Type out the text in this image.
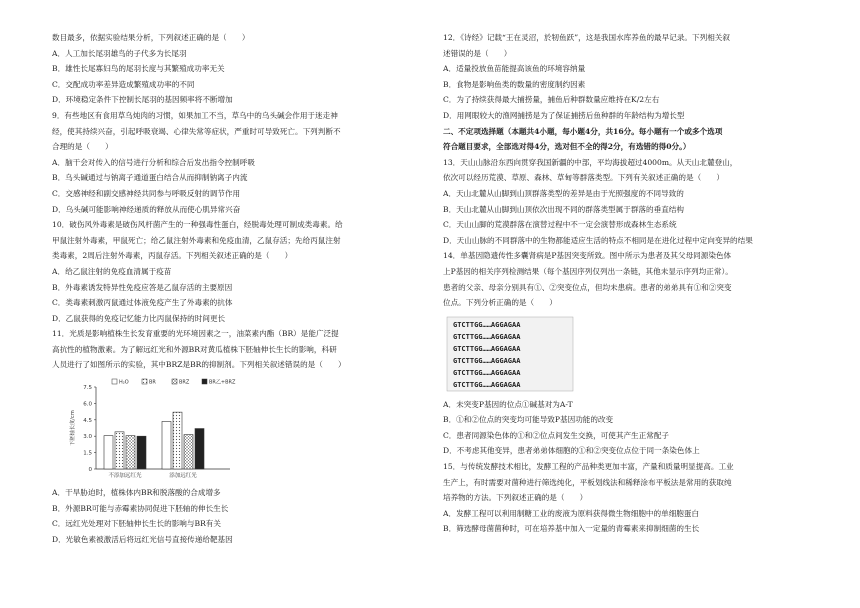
数目最多，依据实验结果分析，下列叙述正确的是（　　）
A．人工加长尾羽雄鸟的子代多为长尾羽
B．雄性长尾寡妇鸟的尾羽长度与其繁殖成功率无关
C．交配成功率差异造成繁殖成功率的不同
D．环境稳定条件下控制长尾羽的基因频率将不断增加
9．有些地区有食用草乌炖肉的习惯，如果加工不当，草乌中的乌头碱会作用于迷走神
经，使其持续兴奋，引起呼吸衰竭、心律失常等症状，严重时可导致死亡。下列判断不
合理的是（　　）
A．脑干会对传入的信号进行分析和综合后发出指令控制呼吸
B．乌头碱通过与钠离子通道蛋白结合从而抑制钠离子内流
C．交感神经和副交感神经共同参与呼吸反射的调节作用
D．乌头碱可能影响神经递质的释放从而使心肌异常兴奋
10．破伤风外毒素是破伤风杆菌产生的一种强毒性蛋白，经脱毒处理可制成类毒素。给
甲鼠注射外毒素，甲鼠死亡；给乙鼠注射外毒素和免疫血清，乙鼠存活；先给丙鼠注射
类毒素，2周后注射外毒素，丙鼠存活。下列相关叙述正确的是（　　）
A．给乙鼠注射的免疫血清属于疫苗
B．外毒素诱发特异性免疫应答是乙鼠存活的主要原因
C．类毒素刺激丙鼠通过体液免疫产生了外毒素的抗体
D．乙鼠获得的免疫记忆能力比丙鼠保持的时间更长
11．光质是影响植株生长发育重要的光环境因素之一，油菜素内酯（BR）是能广泛提
高抗性的植物激素。为了解远红光和外源BR对黄瓜植株下胚轴伸长生长的影响，科研
人员进行了如图所示的实验，其中BRZ是BR的抑制剂。下列相关叙述错误的是（　　）
0
1.5
3.0
4.5
6.0
7.5
下胚轴长度/cm
H₂O	BR	BRZ	BR乙+BRZ
不添加远红光	添加远红光
A．干旱胁迫时，植株体内BR和脱落酸的合成增多
B．外源BR可能与赤霉素协同促进下胚轴的伸长生长
C．远红光处理对下胚轴伸长生长的影响与BR有关
D．光敏色素被激活后将远红光信号直接传递给靶基因
12．《诗经》记载“王在灵沼，於牣鱼跃”，这是我国水库养鱼的最早记录。下列相关叙
述错误的是（　　）
A．适量投放鱼苗能提高该鱼的环境容纳量
B．食物是影响鱼类的数量的密度制约因素
C．为了持续获得最大捕捞量，捕鱼后种群数量应维持在K/2左右
D．用网眼较大的渔网捕捞是为了保证捕捞后鱼种群的年龄结构为增长型
二、不定项选择题（本题共4小题，每小题4分，共16分。每小题有一个或多个选项
符合题目要求，全部选对得4分，选对但不全的得2分，有选错的得0分。）
13．天山山脉沿东西向贯穿我国新疆的中部，平均海拔超过4000m。从天山北麓登山，
依次可以经历荒漠、草原、森林、草甸等群落类型。下列有关叙述正确的是（　　）
A．天山北麓从山脚到山顶群落类型的差异是由于光照强度的不同导致的
B．天山北麓从山脚到山顶依次出现不同的群落类型属于群落的垂直结构
C．天山山脚的荒漠群落在演替过程中不一定会演替形成森林生态系统
D．天山山脉的不同群落中的生物都能适应生活的特点不相同是在进化过程中定向变异的结果
14．单基因隐遗传性多囊肾病是P基因突变所致。图中所示为患者及其父母同源染色体
上P基因的相关序列检测结果（每个基因序列仅列出一条链，其他未显示序列均正常）。
患者的父亲、母亲分别具有①、②突变位点，但均未患病。患者的弟弟具有①和②突变
位点。下列分析正确的是（　　）
GTCTTGG……AGGAGAA
GTCTTGG……AGGAGAA
GTCTTGG……AGGAGAA
GTCTTGG……AGGAGAA
GTCTTGG……AGGAGAA
GTCTTGG……AGGAGAA
A．未突变P基因的位点①碱基对为A-T
B．①和②位点的突变均可能导致P基因功能的改变
C．患者同源染色体的①和②位点间发生交换，可使其产生正常配子
D．不考虑其他变异，患者弟弟体细胞的①和②突变位点位于同一条染色体上
15．与传统发酵技术相比，发酵工程的产品种类更加丰富，产量和质量明显提高。工业
生产上，有时需要对菌种进行筛选纯化，平板划线法和稀释涂布平板法是常用的获取纯
培养物的方法。下列叙述正确的是（　　）
A．发酵工程可以利用制糖工业的废液为原料获得微生物细胞中的单细胞蛋白
B．筛选酵母菌菌种时，可在培养基中加入一定量的青霉素来抑制细菌的生长
